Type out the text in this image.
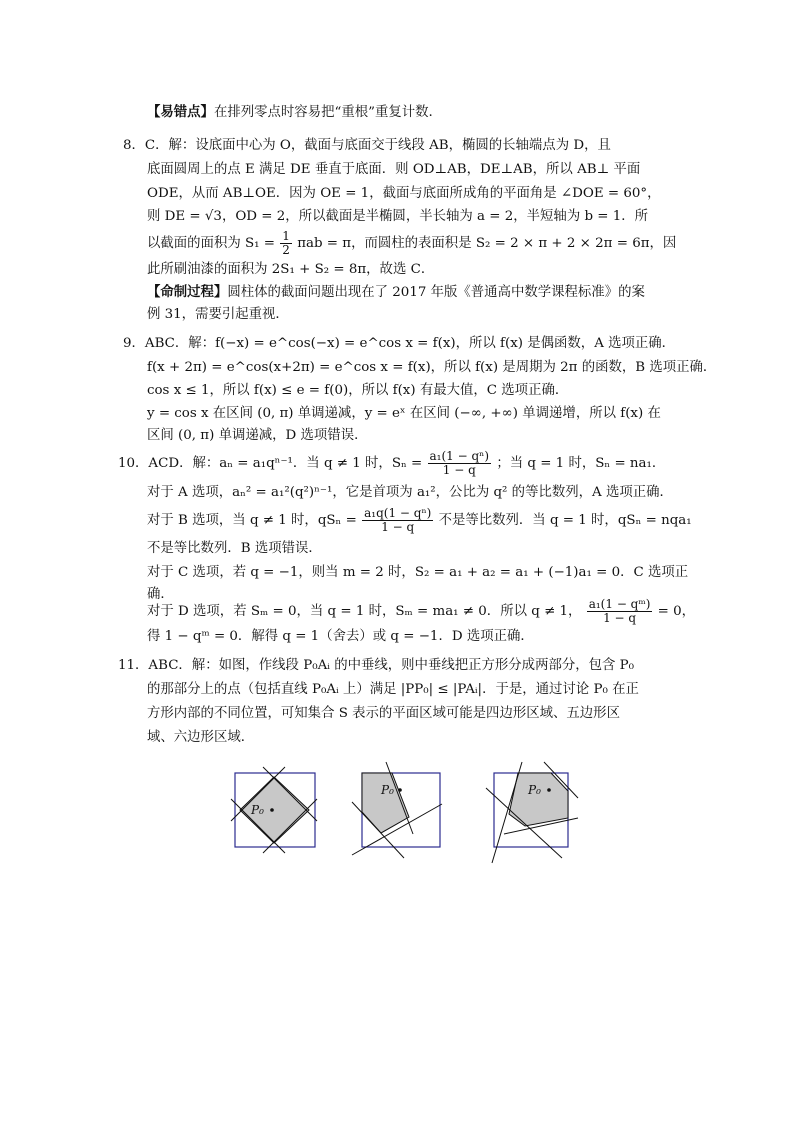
【易错点】在排列零点时容易把“重根”重复计数.
8．C．解：设底面中心为 O，截面与底面交于线段 AB，椭圆的长轴端点为 D，且
底面圆周上的点 E 满足 DE 垂直于底面．则 OD⊥AB，DE⊥AB，所以 AB⊥ 平面
ODE，从而 AB⊥OE．因为 OE = 1，截面与底面所成角的平面角是 ∠DOE = 60°，
则 DE = √3，OD = 2，所以截面是半椭圆，半长轴为 a = 2，半短轴为 b = 1．所
以截面的面积为 $S_1 = \frac{1}{2}$ πab = π，而圆柱的表面积是 S₂ = 2 × π + 2 × 2π = 6π，因
此所刷油漆的面积为 2S₁ + S₂ = 8π，故选 C．
【命制过程】圆柱体的截面问题出现在了 2017 年版《普通高中数学课程标准》的案
例 31，需要引起重视．
9．ABC．解：f(−x) = e^cos(−x) = e^cos x = f(x)，所以 f(x) 是偶函数，A 选项正确．
f(x + 2π) = e^cos(x+2π) = e^cos x = f(x)，所以 f(x) 是周期为 2π 的函数，B 选项正确．
cos x ≤ 1，所以 f(x) ≤ e = f(0)，所以 f(x) 有最大值，C 选项正确．
y = cos x 在区间 (0, π) 单调递减，y = eˣ 在区间 (−∞, +∞) 单调递增，所以 f(x) 在
区间 (0, π) 单调递减，D 选项错误．
10．ACD．解：aₙ = a₁qⁿ⁻¹．当 q ≠ 1 时，$S_n = \frac{\text{a₁(1 − qⁿ)}}{1 - q}$ ；当 q = 1 时，Sₙ = na₁．
对于 A 选项，aₙ² = a₁²(q²)ⁿ⁻¹，它是首项为 a₁²，公比为 q² 的等比数列，A 选项正确．
对于 B 选项，当 q ≠ 1 时，$qS_n = \frac{\text{a₁q(1 − qⁿ)}}{1 - q}$ 不是等比数列．当 q = 1 时，qSₙ = nqa₁
不是等比数列．B 选项错误．
对于 C 选项，若 q = −1，则当 m = 2 时，S₂ = a₁ + a₂ = a₁ + (−1)a₁ = 0．C 选项正
确．
对于 D 选项，若 Sₘ = 0，当 q = 1 时，Sₘ = ma₁ ≠ 0．所以 q ≠ 1， $\frac{\text{a₁(1 − qᵐ)}}{1 - q} = 0$，
得 1 − qᵐ = 0．解得 q = 1（舍去）或 q = −1．D 选项正确．
11．ABC．解：如图，作线段 P₀Aᵢ 的中垂线，则中垂线把正方形分成两部分，包含 P₀
的那部分上的点（包括直线 P₀Aᵢ 上）满足 |PP₀| ≤ |PAᵢ|．于是，通过讨论 P₀ 在正
方形内部的不同位置，可知集合 S 表示的平面区域可能是四边形区域、五边形区
域、六边形区域．
P₀
P₀	P₀
